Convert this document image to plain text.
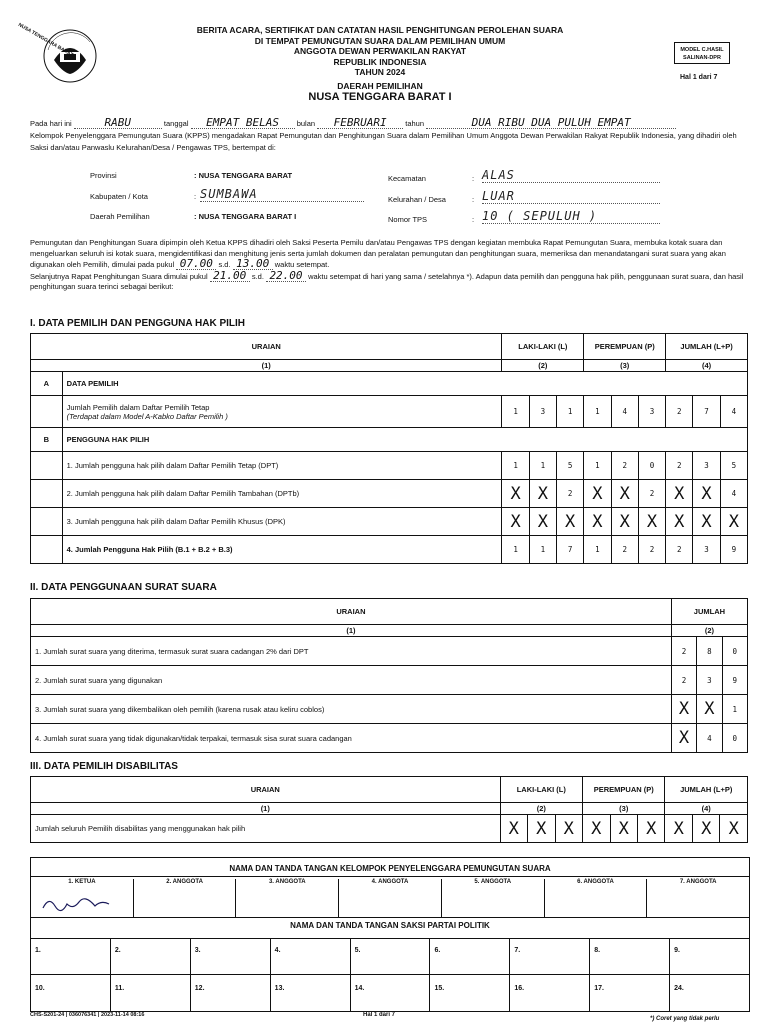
NUSA TENGGARA BARAT	BERITA ACARA, SERTIFIKAT DAN CATATAN HASIL PENGHITUNGAN PEROLEHAN SUARA
DI TEMPAT PEMUNGUTAN SUARA DALAM PEMILIHAN UMUM
ANGGOTA DEWAN PERWAKILAN RAKYAT
REPUBLIK INDONESIA
TAHUN 2024
DAERAH PEMILIHAN
NUSA TENGGARA BARAT I
MODEL C.HASIL
SALINAN-DPR
Hal 1 dari 7
Pada hari ini	RABU	tanggal EMPAT BELAS bulan FEBRUARI tahun	DUA RIBU DUA PULUH EMPAT
Kelompok Penyelenggara Pemungutan Suara (KPPS) mengadakan Rapat Pemungutan dan Penghitungan Suara dalam Pemilihan Umum Anggota Dewan Perwakilan Rakyat Republik Indonesia, yang dihadiri oleh Saksi dan/atau Panwaslu Kelurahan/Desa / Pengawas TPS, bertempat di:
Provinsi	: NUSA TENGGARA BARAT
Kabupaten / Kota	: SUMBAWA
Daerah Pemilihan	: NUSA TENGGARA BARAT I
Kecamatan	: ALAS
Kelurahan / Desa	: LUAR
Nomor TPS	: 10 ( SEPULUH )
Pemungutan dan Penghitungan Suara dipimpin oleh Ketua KPPS dihadiri oleh Saksi Peserta Pemilu dan/atau Pengawas TPS dengan kegiatan membuka Rapat Pemungutan Suara, membuka kotak suara dan mengeluarkan seluruh isi kotak suara, mengidentifikasi dan menghitung jenis serta jumlah dokumen dan peralatan pemungutan dan penghitungan suara, memeriksa dan menandatangani surat suara yang akan digunakan oleh Pemilih, dimulai pada pukul 07.00 s.d. 13.00 waktu setempat.
Selanjutnya Rapat Penghitungan Suara dimulai pukul 21.00 s.d. 22.00 waktu setempat di hari yang sama / setelahnya *). Adapun data pemilih dan pengguna hak pilih, penggunaan surat suara, dan hasil penghitungan suara terinci sebagai berikut:
I. DATA PEMILIH DAN PENGGUNA HAK PILIH
URAIAN		LAKI-LAKI (L)			PEREMPUAN (P)			JUMLAH (L+P)		
(1)		(2)			(3)			(4)		
A	DATA PEMILIH									

	Jumlah Pemilih dalam Daftar Pemilih Tetap
(Terdapat dalam Model A-Kabko Daftar Pemilih )	1	3	1	1	4	3	2	7	4
B	PENGGUNA HAK PILIH									
	1. Jumlah pengguna hak pilih dalam Daftar Pemilih Tetap (DPT)	1	1	5	1	2	0	2	3	5
	2. Jumlah pengguna hak pilih dalam Daftar Pemilih Tambahan (DPTb)	X	X	2	X	X	2	X	X	4
	3. Jumlah pengguna hak pilih dalam Daftar Pemilih Khusus (DPK)	X	X	X	X	X	X	X	X	X
	4. Jumlah Pengguna Hak Pilih (B.1 + B.2 + B.3)	1	1	7	1	2	2	2	3	9
II. DATA PENGGUNAAN SURAT SUARA
URAIAN	JUMLAH		
(1)	(2)		
1. Jumlah surat suara yang diterima, termasuk surat suara cadangan 2% dari DPT	2	8	0
2. Jumlah surat suara yang digunakan	2	3	9
3. Jumlah surat suara yang dikembalikan oleh pemilih (karena rusak atau keliru coblos)	X	X	1
4. Jumlah surat suara yang tidak digunakan/tidak terpakai, termasuk sisa surat suara cadangan	X	4	0
III. DATA PEMILIH DISABILITAS
URAIAN	LAKI-LAKI (L)			PEREMPUAN (P)			JUMLAH (L+P)		
(1)	(2)			(3)			(4)		
Jumlah seluruh Pemilih disabilitas yang menggunakan hak pilih	X	X	X	X	X	X	X	X	X
NAMA DAN TANDA TANGAN KELOMPOK PENYELENGGARA PEMUNGUTAN SUARA
1. KETUA	2. ANGGOTA	3. ANGGOTA	4. ANGGOTA	5. ANGGOTA	6. ANGGOTA	7. ANGGOTA
NAMA DAN TANDA TANGAN SAKSI PARTAI POLITIK
1.	2.	3.	4.	5.	6.	7.	8.	9.
10.	11.	12.	13.	14.	15.	16.	17.	24.
CHS-S201-24 | 036076341 | 2023-11-14 08:16	Hal 1 dari 7
*) Coret yang tidak perlu
